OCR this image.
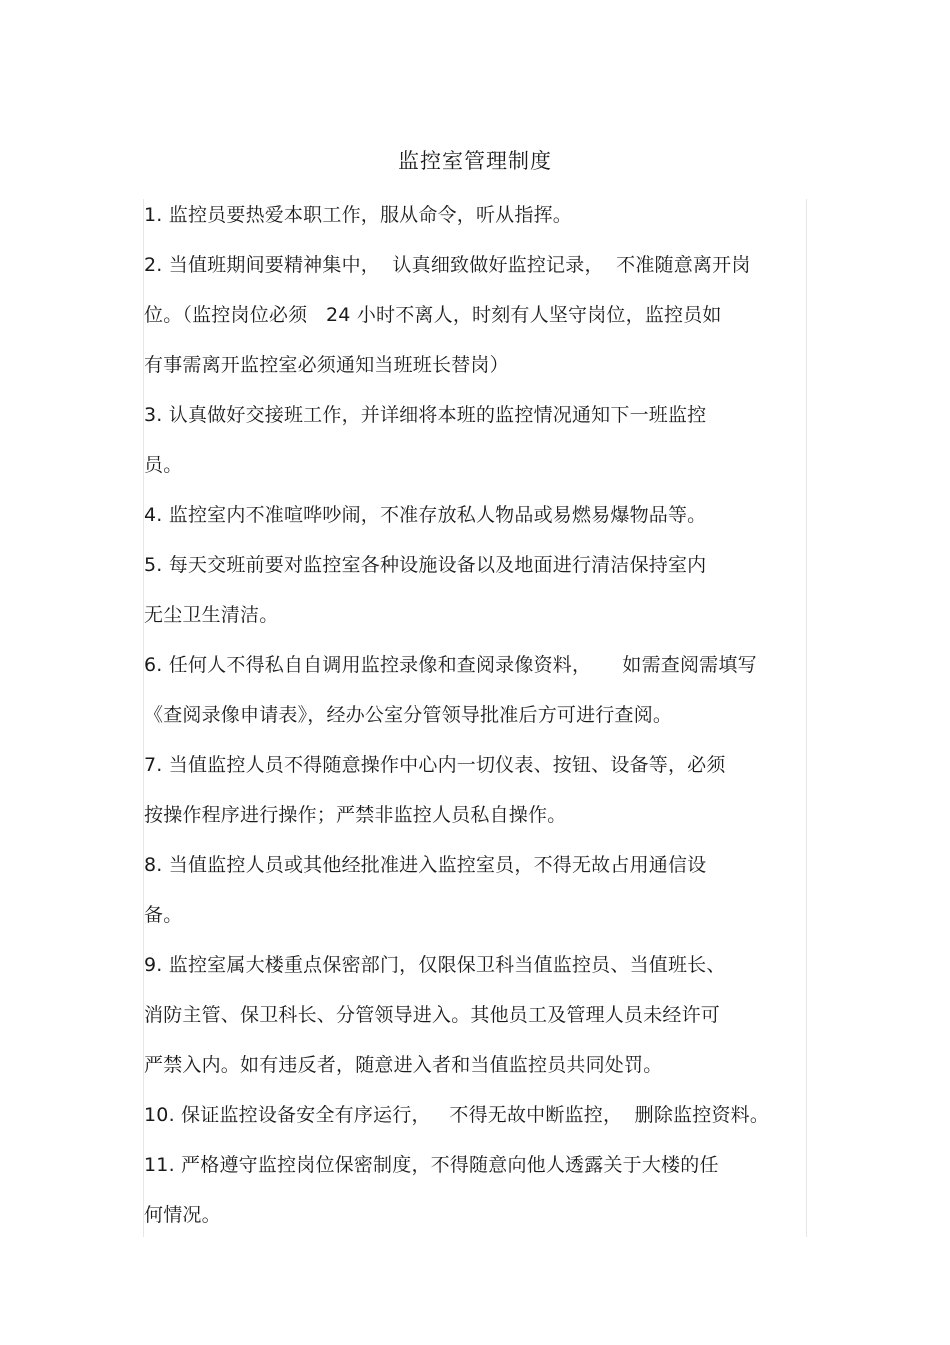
监控室管理制度
1. 监控员要热爱本职工作，服从命令，听从指挥。
2. 当值班期间要精神集中，  认真细致做好监控记录，  不准随意离开岗
位。（监控岗位必须   24 小时不离人，时刻有人坚守岗位，监控员如
有事需离开监控室必须通知当班班长替岗）
3. 认真做好交接班工作，并详细将本班的监控情况通知下一班监控
员。
4. 监控室内不准喧哗吵闹，不准存放私人物品或易燃易爆物品等。
5. 每天交班前要对监控室各种设施设备以及地面进行清洁保持室内
无尘卫生清洁。
6. 任何人不得私自自调用监控录像和查阅录像资料，     如需查阅需填写
《查阅录像申请表》，经办公室分管领导批准后方可进行查阅。
7. 当值监控人员不得随意操作中心内一切仪表、按钮、设备等，必须
按操作程序进行操作；严禁非监控人员私自操作。
8. 当值监控人员或其他经批准进入监控室员，不得无故占用通信设
备。
9. 监控室属大楼重点保密部门，仅限保卫科当值监控员、当值班长、
消防主管、保卫科长、分管领导进入。其他员工及管理人员未经许可
严禁入内。如有违反者，随意进入者和当值监控员共同处罚。
10. 保证监控设备安全有序运行，   不得无故中断监控，  删除监控资料。
11. 严格遵守监控岗位保密制度，不得随意向他人透露关于大楼的任
何情况。
